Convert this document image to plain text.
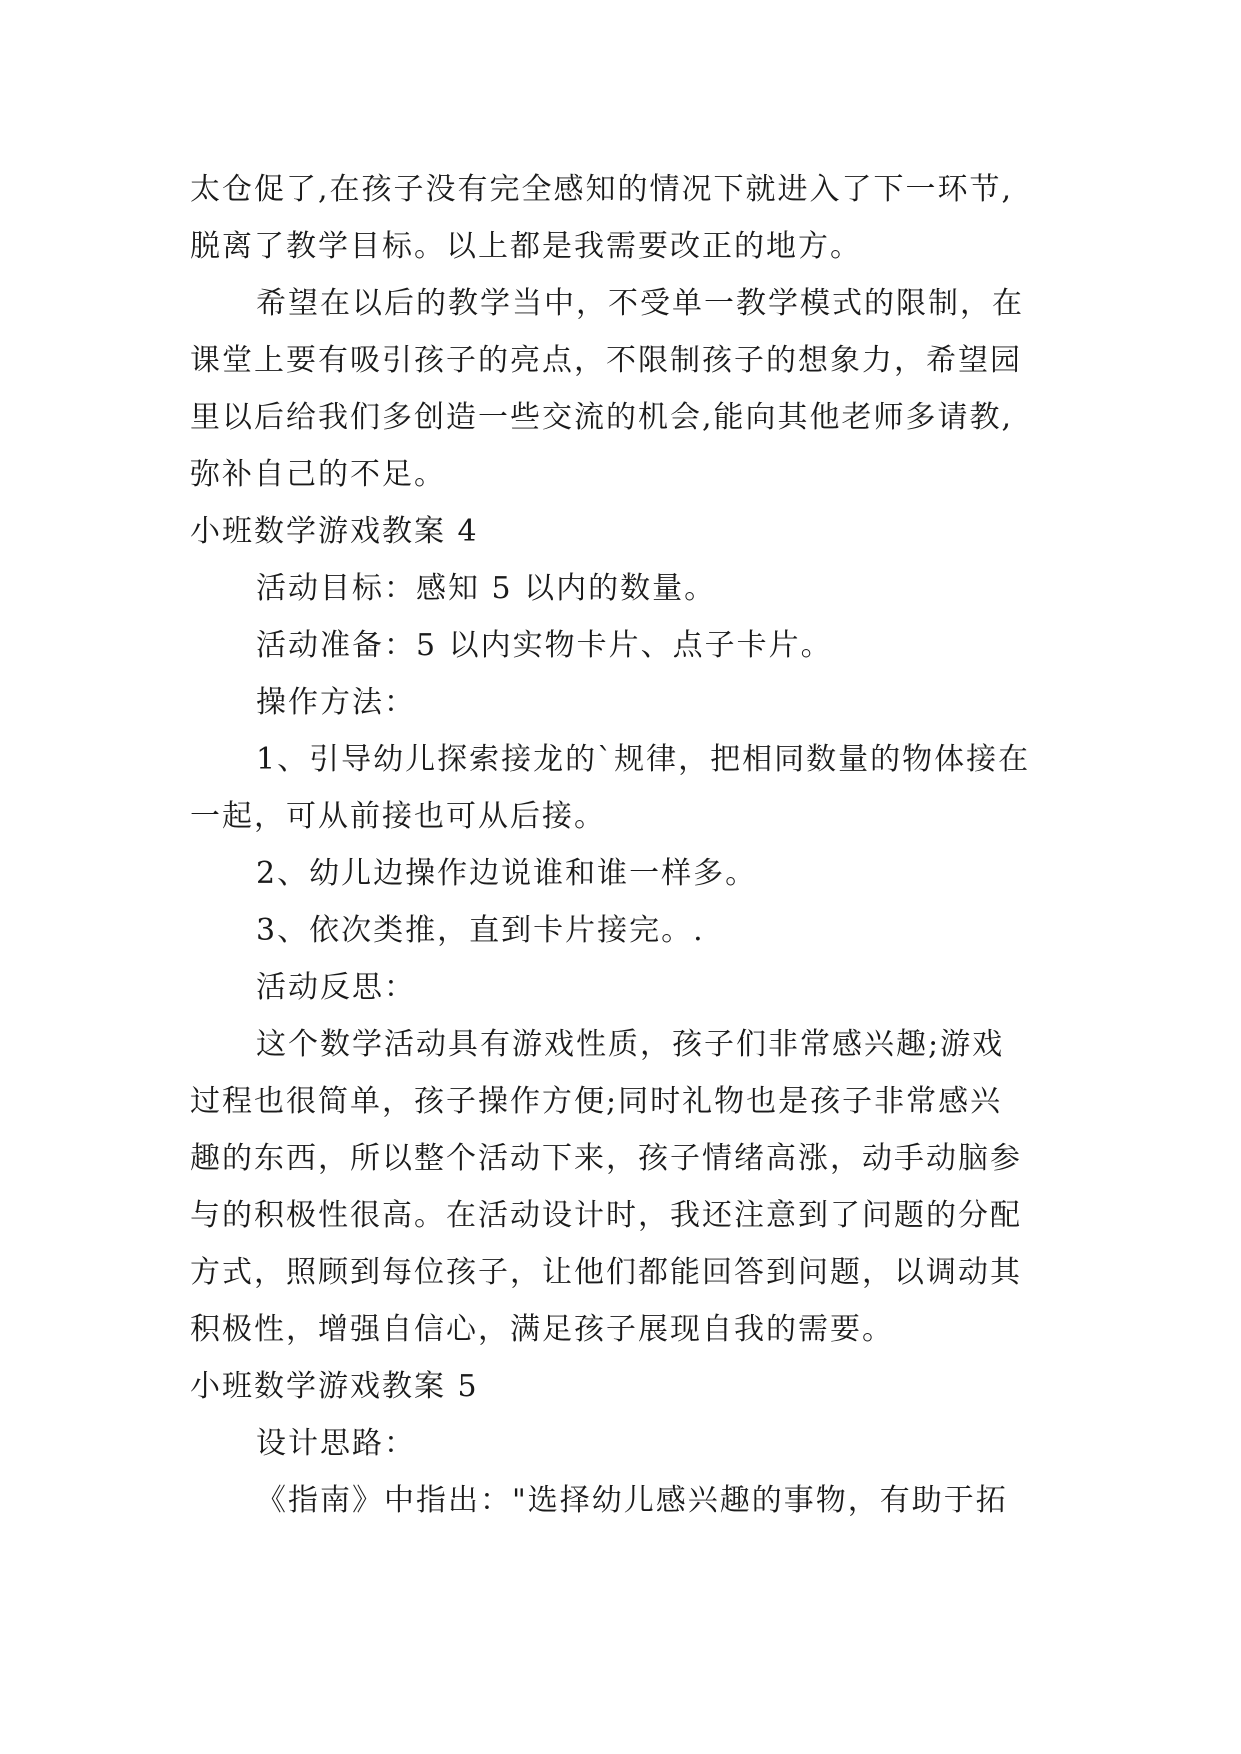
太仓促了,在孩子没有完全感知的情况下就进入了下一环节,
脱离了教学目标。以上都是我需要改正的地方。
希望在以后的教学当中，不受单一教学模式的限制，在
课堂上要有吸引孩子的亮点，不限制孩子的想象力，希望园
里以后给我们多创造一些交流的机会,能向其他老师多请教,
弥补自己的不足。
小班数学游戏教案 4
活动目标：感知 5 以内的数量。
活动准备：5 以内实物卡片、点子卡片。
操作方法：
1、引导幼儿探索接龙的`规律，把相同数量的物体接在
一起，可从前接也可从后接。
2、幼儿边操作边说谁和谁一样多。
3、依次类推，直到卡片接完。.
活动反思：
这个数学活动具有游戏性质，孩子们非常感兴趣;游戏
过程也很简单，孩子操作方便;同时礼物也是孩子非常感兴
趣的东西，所以整个活动下来，孩子情绪高涨，动手动脑参
与的积极性很高。在活动设计时，我还注意到了问题的分配
方式，照顾到每位孩子，让他们都能回答到问题，以调动其
积极性，增强自信心，满足孩子展现自我的需要。
小班数学游戏教案 5
设计思路：
《指南》中指出："选择幼儿感兴趣的事物，有助于拓
